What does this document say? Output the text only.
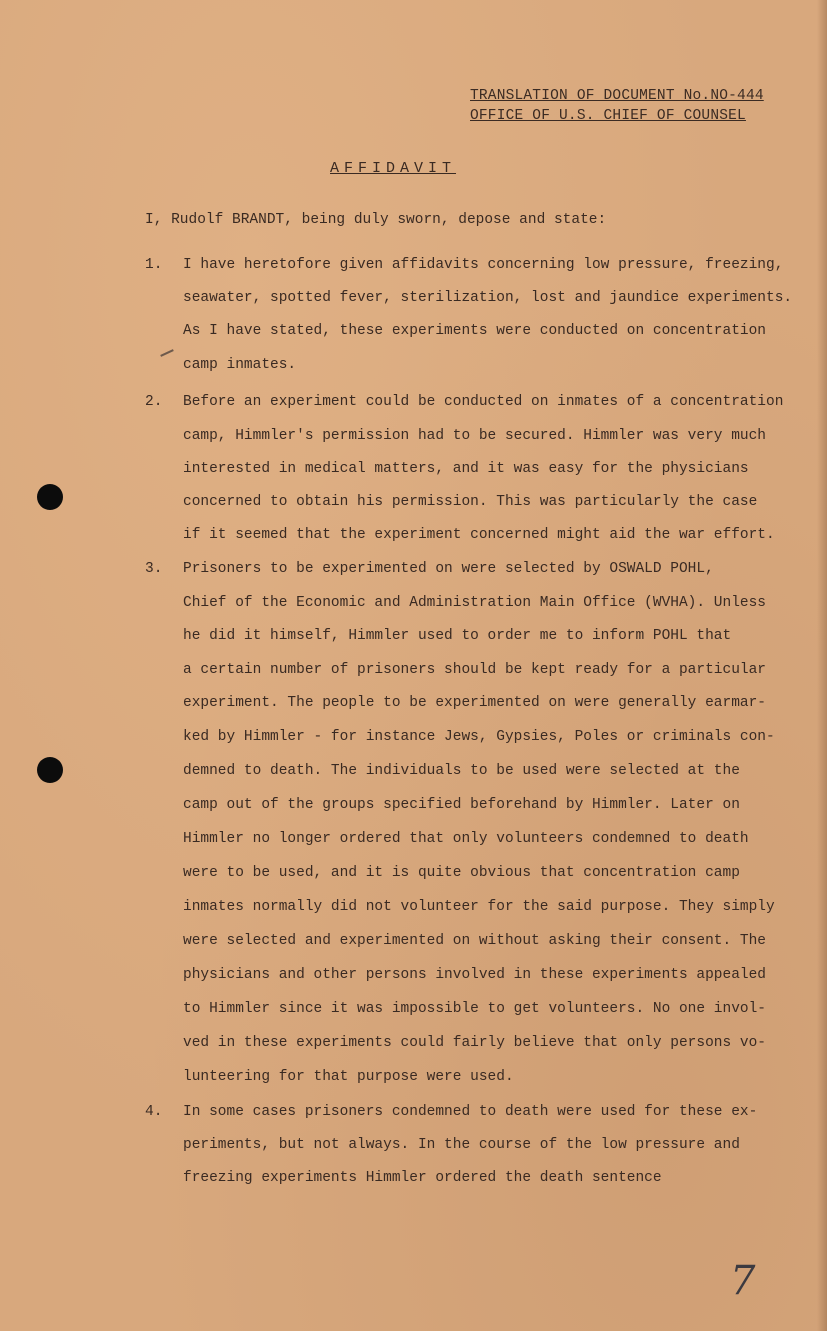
TRANSLATION OF DOCUMENT No.NO-444
OFFICE OF U.S. CHIEF OF COUNSEL
AFFIDAVIT
I, Rudolf BRANDT, being duly sworn, depose and state:
1. I have heretofore given affidavits concerning low pressure, freezing,
seawater, spotted fever, sterilization, lost and jaundice experiments.
As I have stated, these experiments were conducted on concentration
camp inmates.
2. Before an experiment could be conducted on inmates of a concentration
camp, Himmler's permission had to be secured. Himmler was very much
interested in medical matters, and it was easy for the physicians
concerned to obtain his permission. This was particularly the case
if it seemed that the experiment concerned might aid the war effort.
3. Prisoners to be experimented on were selected by OSWALD POHL,
Chief of the Economic and Administration Main Office (WVHA). Unless
he did it himself, Himmler used to order me to inform POHL that
a certain number of prisoners should be kept ready for a particular
experiment. The people to be experimented on were generally earmar-
ked by Himmler - for instance Jews, Gypsies, Poles or criminals con-
demned to death. The individuals to be used were selected at the
camp out of the groups specified beforehand by Himmler. Later on
Himmler no longer ordered that only volunteers condemned to death
were to be used, and it is quite obvious that concentration camp
inmates normally did not volunteer for the said purpose. They simply
were selected and experimented on without asking their consent. The
physicians and other persons involved in these experiments appealed
to Himmler since it was impossible to get volunteers. No one invol-
ved in these experiments could fairly believe that only persons vo-
lunteering for that purpose were used.
4. In some cases prisoners condemned to death were used for these ex-
periments, but not always. In the course of the low pressure and
freezing experiments Himmler ordered the death sentence
7
